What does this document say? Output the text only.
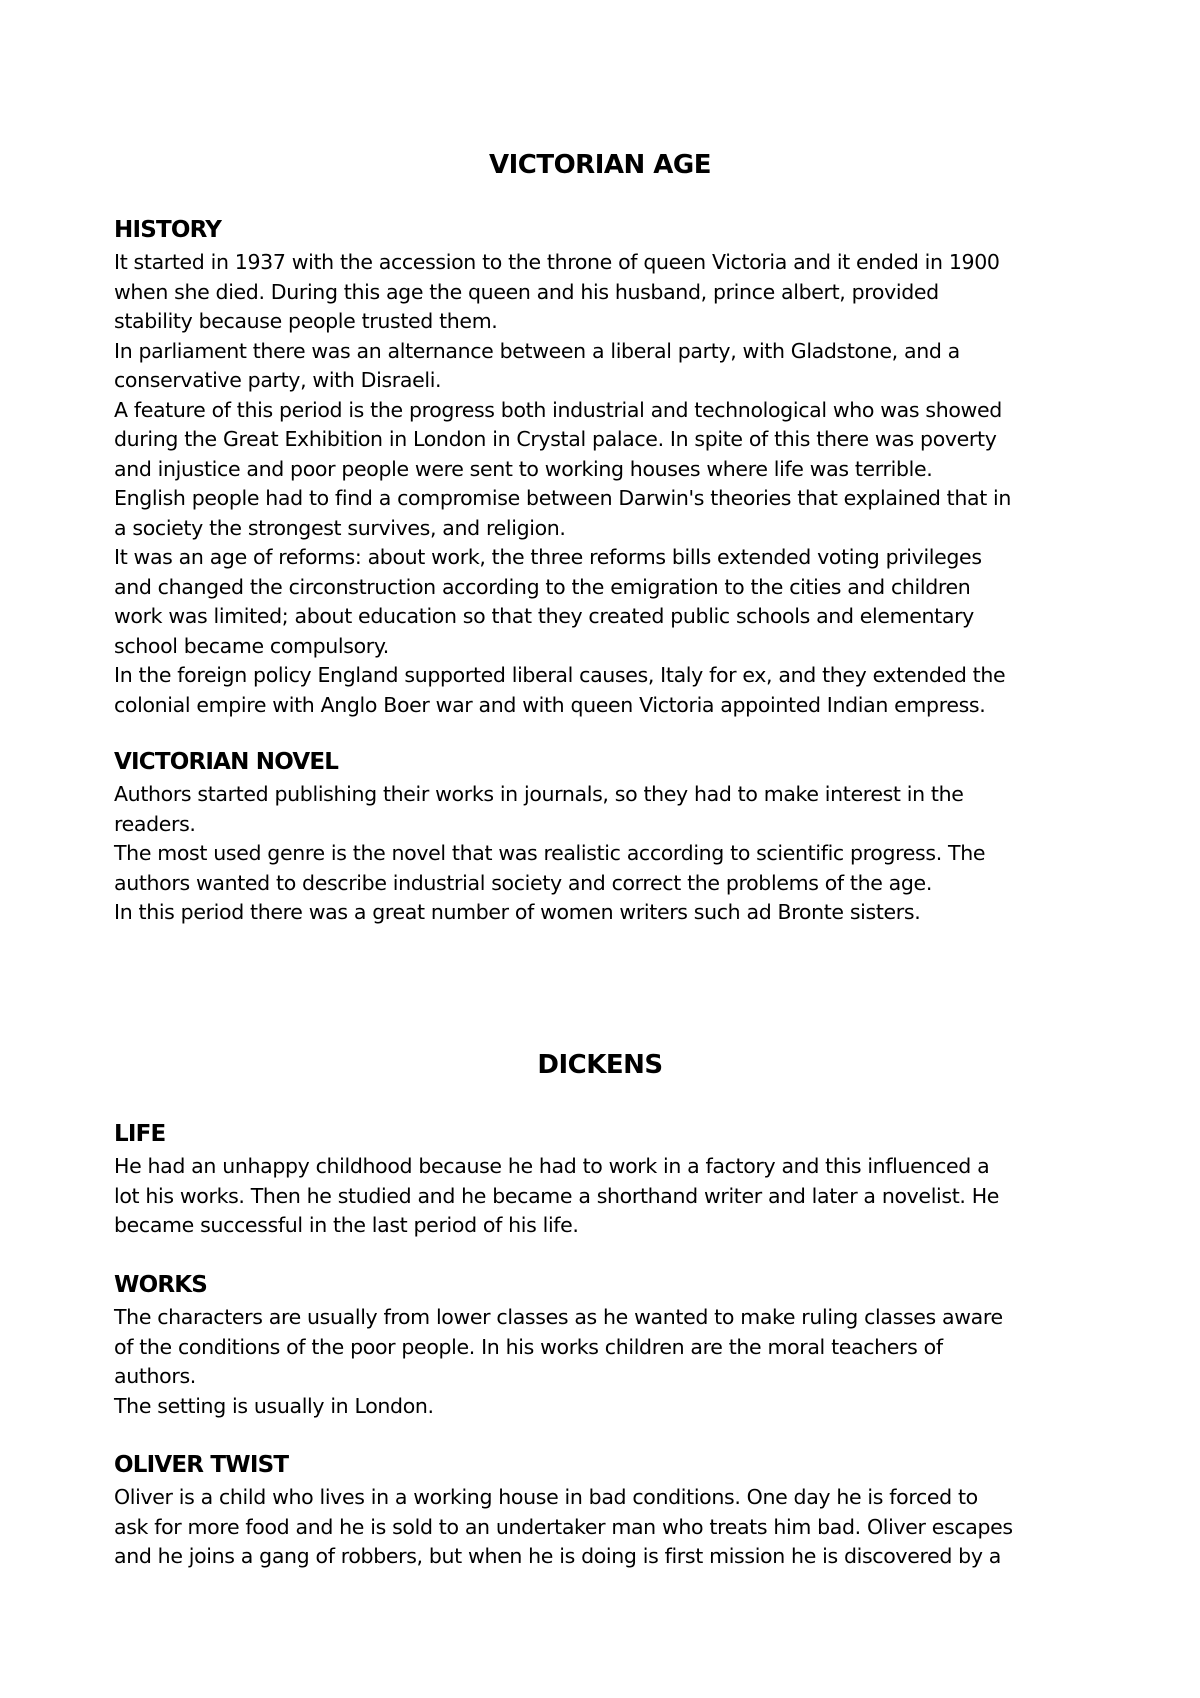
VICTORIAN AGE
HISTORY

It started in 1937 with the accession to the throne of queen Victoria and it ended in 1900
when she died. During this age the queen and his husband, prince albert, provided
stability because people trusted them.
In parliament there was an alternance between a liberal party, with Gladstone, and a
conservative party, with Disraeli.
A feature of this period is the progress both industrial and technological who was showed
during the Great Exhibition in London in Crystal palace. In spite of this there was poverty
and injustice and poor people were sent to working houses where life was terrible.
English people had to find a compromise between Darwin's theories that explained that in
a society the strongest survives, and religion.
It was an age of reforms: about work, the three reforms bills extended voting privileges
and changed the circonstruction according to the emigration to the cities and children
work was limited; about education so that they created public schools and elementary
school became compulsory.
In the foreign policy England supported liberal causes, Italy for ex, and they extended the
colonial empire with Anglo Boer war and with queen Victoria appointed Indian empress.

VICTORIAN NOVEL

Authors started publishing their works in journals, so they had to make interest in the
readers.
The most used genre is the novel that was realistic according to scientific progress. The
authors wanted to describe industrial society and correct the problems of the age.
In this period there was a great number of women writers such ad Bronte sisters.

DICKENS
LIFE

He had an unhappy childhood because he had to work in a factory and this influenced a
lot his works. Then he studied and he became a shorthand writer and later a novelist. He
became successful in the last period of his life.

WORKS

The characters are usually from lower classes as he wanted to make ruling classes aware
of the conditions of the poor people. In his works children are the moral teachers of
authors.
The setting is usually in London.

OLIVER TWIST

Oliver is a child who lives in a working house in bad conditions. One day he is forced to
ask for more food and he is sold to an undertaker man who treats him bad. Oliver escapes
and he joins a gang of robbers, but when he is doing is first mission he is discovered by a
